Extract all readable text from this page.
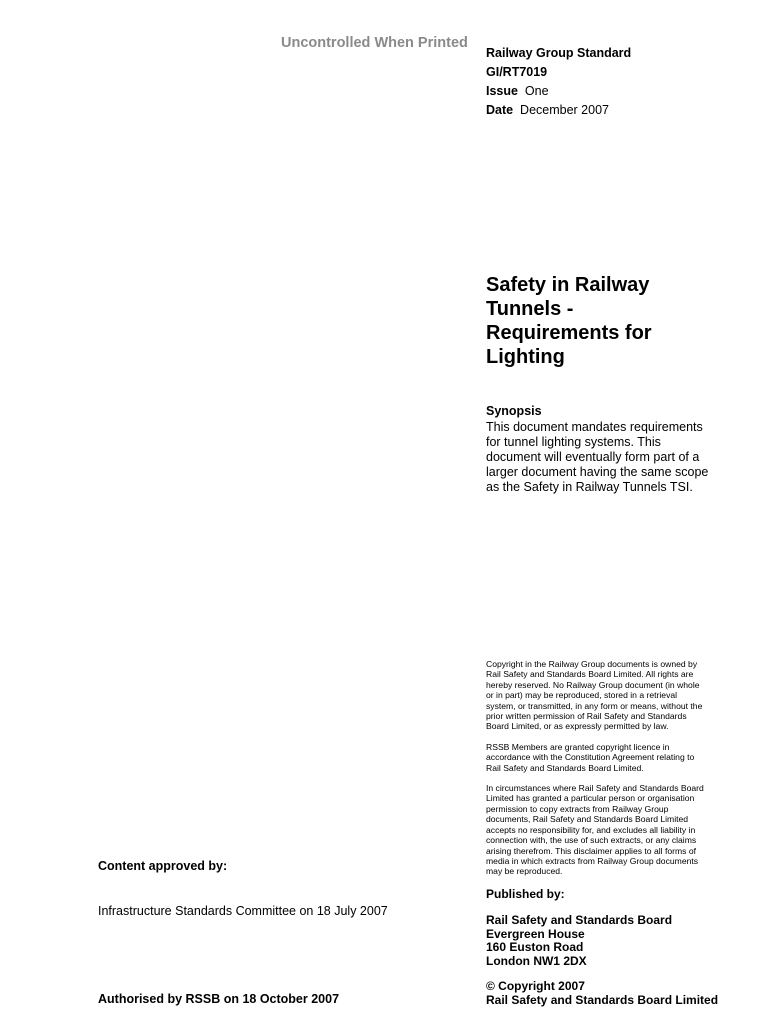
Uncontrolled When Printed
Railway Group Standard
GI/RT7019
Issue One
Date December 2007
Safety in Railway
Tunnels -
Requirements for
Lighting
Synopsis
This document mandates requirements
for tunnel lighting systems. This
document will eventually form part of a
larger document having the same scope
as the Safety in Railway Tunnels TSI.

Copyright in the Railway Group documents is owned by
Rail Safety and Standards Board Limited. All rights are
hereby reserved. No Railway Group document (in whole
or in part) may be reproduced, stored in a retrieval
system, or transmitted, in any form or means, without the
prior written permission of Rail Safety and Standards
Board Limited, or as expressly permitted by law.

RSSB Members are granted copyright licence in
accordance with the Constitution Agreement relating to
Rail Safety and Standards Board Limited.

In circumstances where Rail Safety and Standards Board
Limited has granted a particular person or organisation
permission to copy extracts from Railway Group
documents, Rail Safety and Standards Board Limited
accepts no responsibility for, and excludes all liability in
connection with, the use of such extracts, or any claims
arising therefrom. This disclaimer applies to all forms of
media in which extracts from Railway Group documents
may be reproduced.

Published by:
Rail Safety and Standards Board
Evergreen House
160 Euston Road
London NW1 2DX
© Copyright 2007
Rail Safety and Standards Board Limited
Content approved by:
Infrastructure Standards Committee on 18 July 2007
Authorised by RSSB on 18 October 2007
